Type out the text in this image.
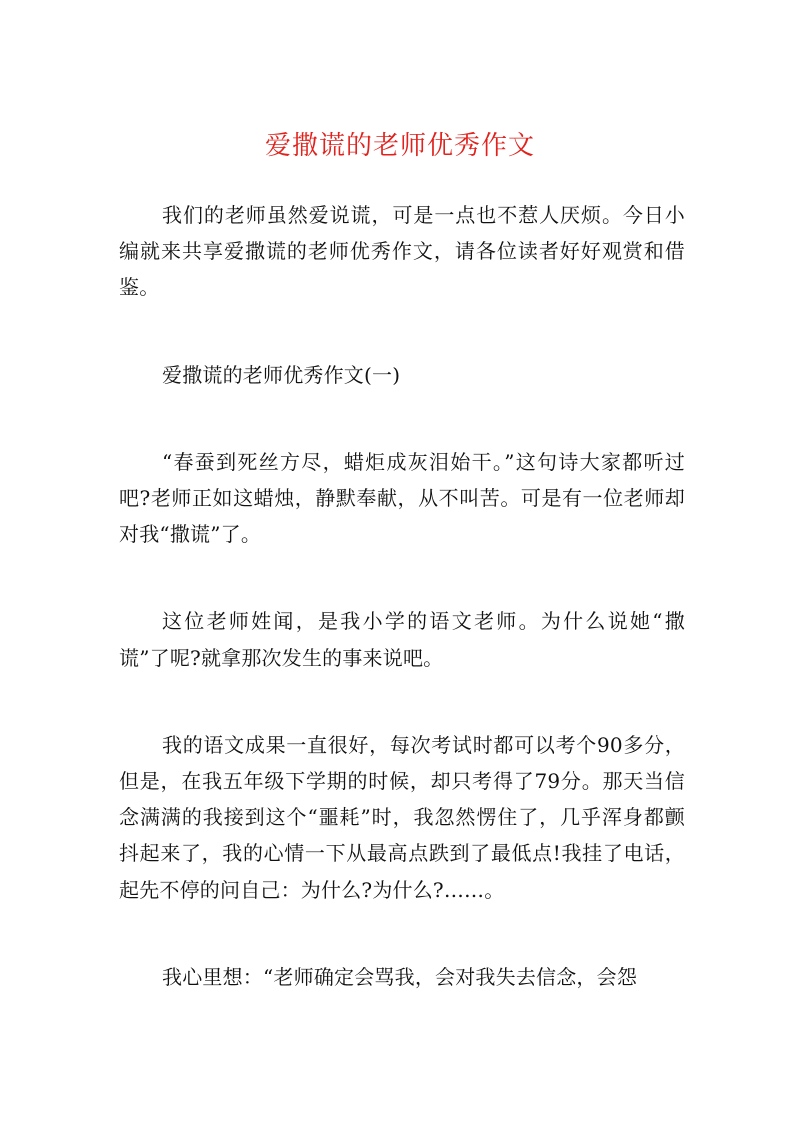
爱撒谎的老师优秀作文

我们的老师虽然爱说谎，可是一点也不惹人厌烦。今日小编就来共享爱撒谎的老师优秀作文，请各位读者好好观赏和借鉴。

爱撒谎的老师优秀作文(一)

“春蚕到死丝方尽，蜡炬成灰泪始干。”这句诗大家都听过吧?老师正如这蜡烛，静默奉献，从不叫苦。可是有一位老师却对我“撒谎”了。

这位老师姓闻，是我小学的语文老师。为什么说她“撒谎”了呢?就拿那次发生的事来说吧。

我的语文成果一直很好，每次考试时都可以考个90多分，但是，在我五年级下学期的时候，却只考得了79分。那天当信念满满的我接到这个“噩耗”时，我忽然愣住了，几乎浑身都颤抖起来了，我的心情一下从最高点跌到了最低点!我挂了电话，起先不停的问自己：为什么?为什么?……。

我心里想：“老师确定会骂我，会对我失去信念，会怨
